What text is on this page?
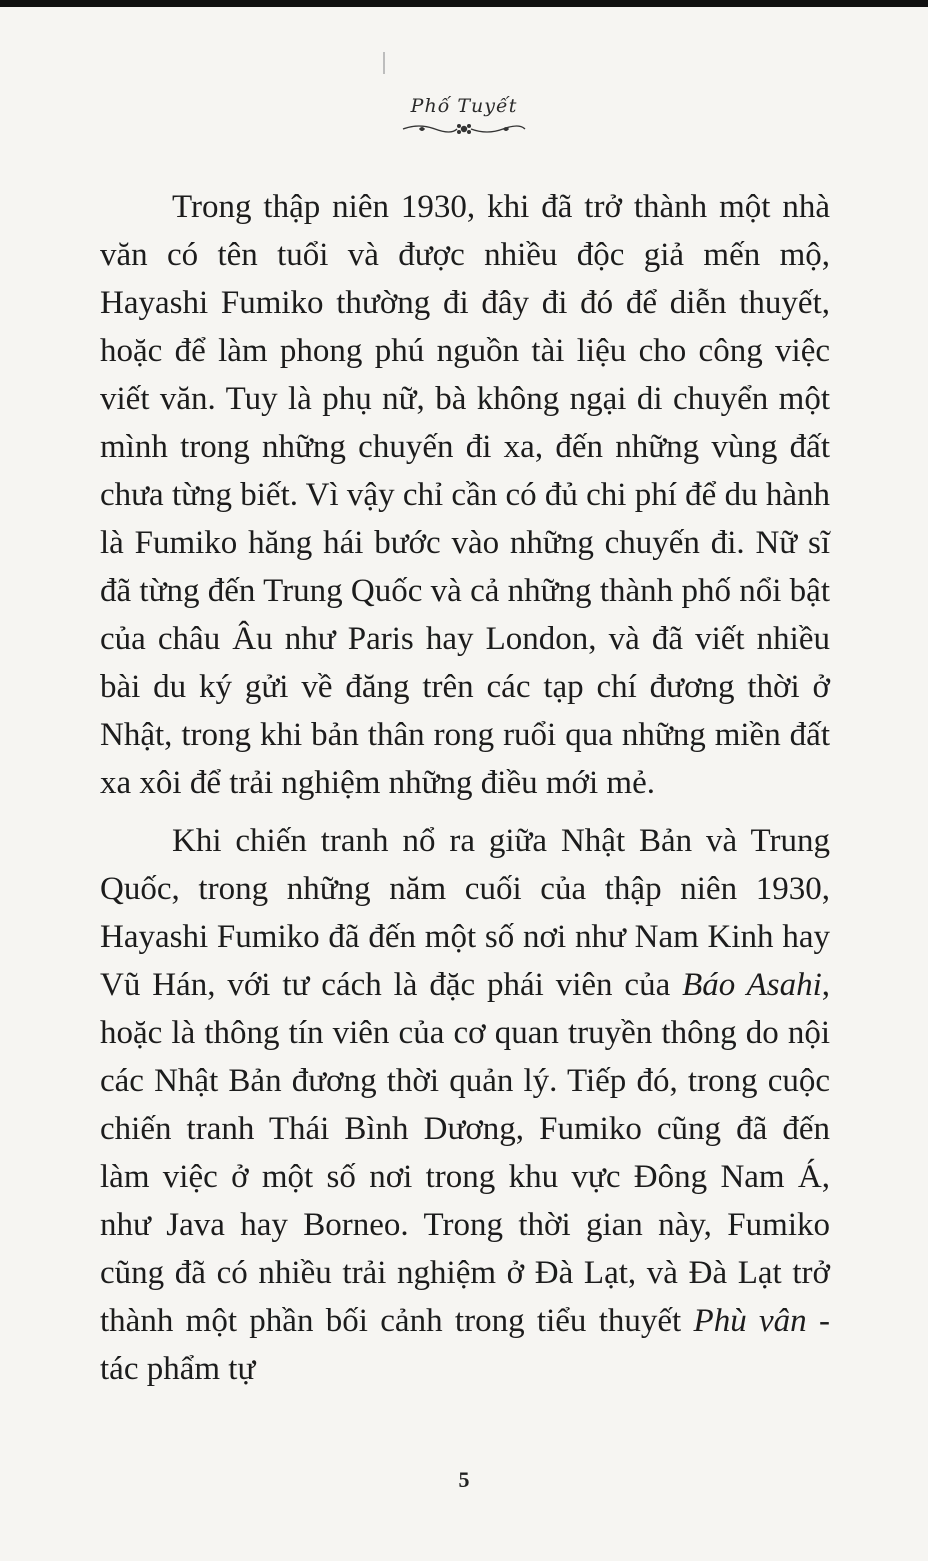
Phố Tuyết

Trong thập niên 1930, khi đã trở thành một nhà văn có tên tuổi và được nhiều độc giả mến mộ, Hayashi Fumiko thường đi đây đi đó để diễn thuyết, hoặc để làm phong phú nguồn tài liệu cho công việc viết văn. Tuy là phụ nữ, bà không ngại di chuyển một mình trong những chuyến đi xa, đến những vùng đất chưa từng biết. Vì vậy chỉ cần có đủ chi phí để du hành là Fumiko hăng hái bước vào những chuyến đi. Nữ sĩ đã từng đến Trung Quốc và cả những thành phố nổi bật của châu Âu như Paris hay London, và đã viết nhiều bài du ký gửi về đăng trên các tạp chí đương thời ở Nhật, trong khi bản thân rong ruổi qua những miền đất xa xôi để trải nghiệm những điều mới mẻ.

Khi chiến tranh nổ ra giữa Nhật Bản và Trung Quốc, trong những năm cuối của thập niên 1930, Hayashi Fumiko đã đến một số nơi như Nam Kinh hay Vũ Hán, với tư cách là đặc phái viên của Báo Asahi, hoặc là thông tín viên của cơ quan truyền thông do nội các Nhật Bản đương thời quản lý. Tiếp đó, trong cuộc chiến tranh Thái Bình Dương, Fumiko cũng đã đến làm việc ở một số nơi trong khu vực Đông Nam Á, như Java hay Borneo. Trong thời gian này, Fumiko cũng đã có nhiều trải nghiệm ở Đà Lạt, và Đà Lạt trở thành một phần bối cảnh trong tiểu thuyết Phù vân - tác phẩm tự

5
